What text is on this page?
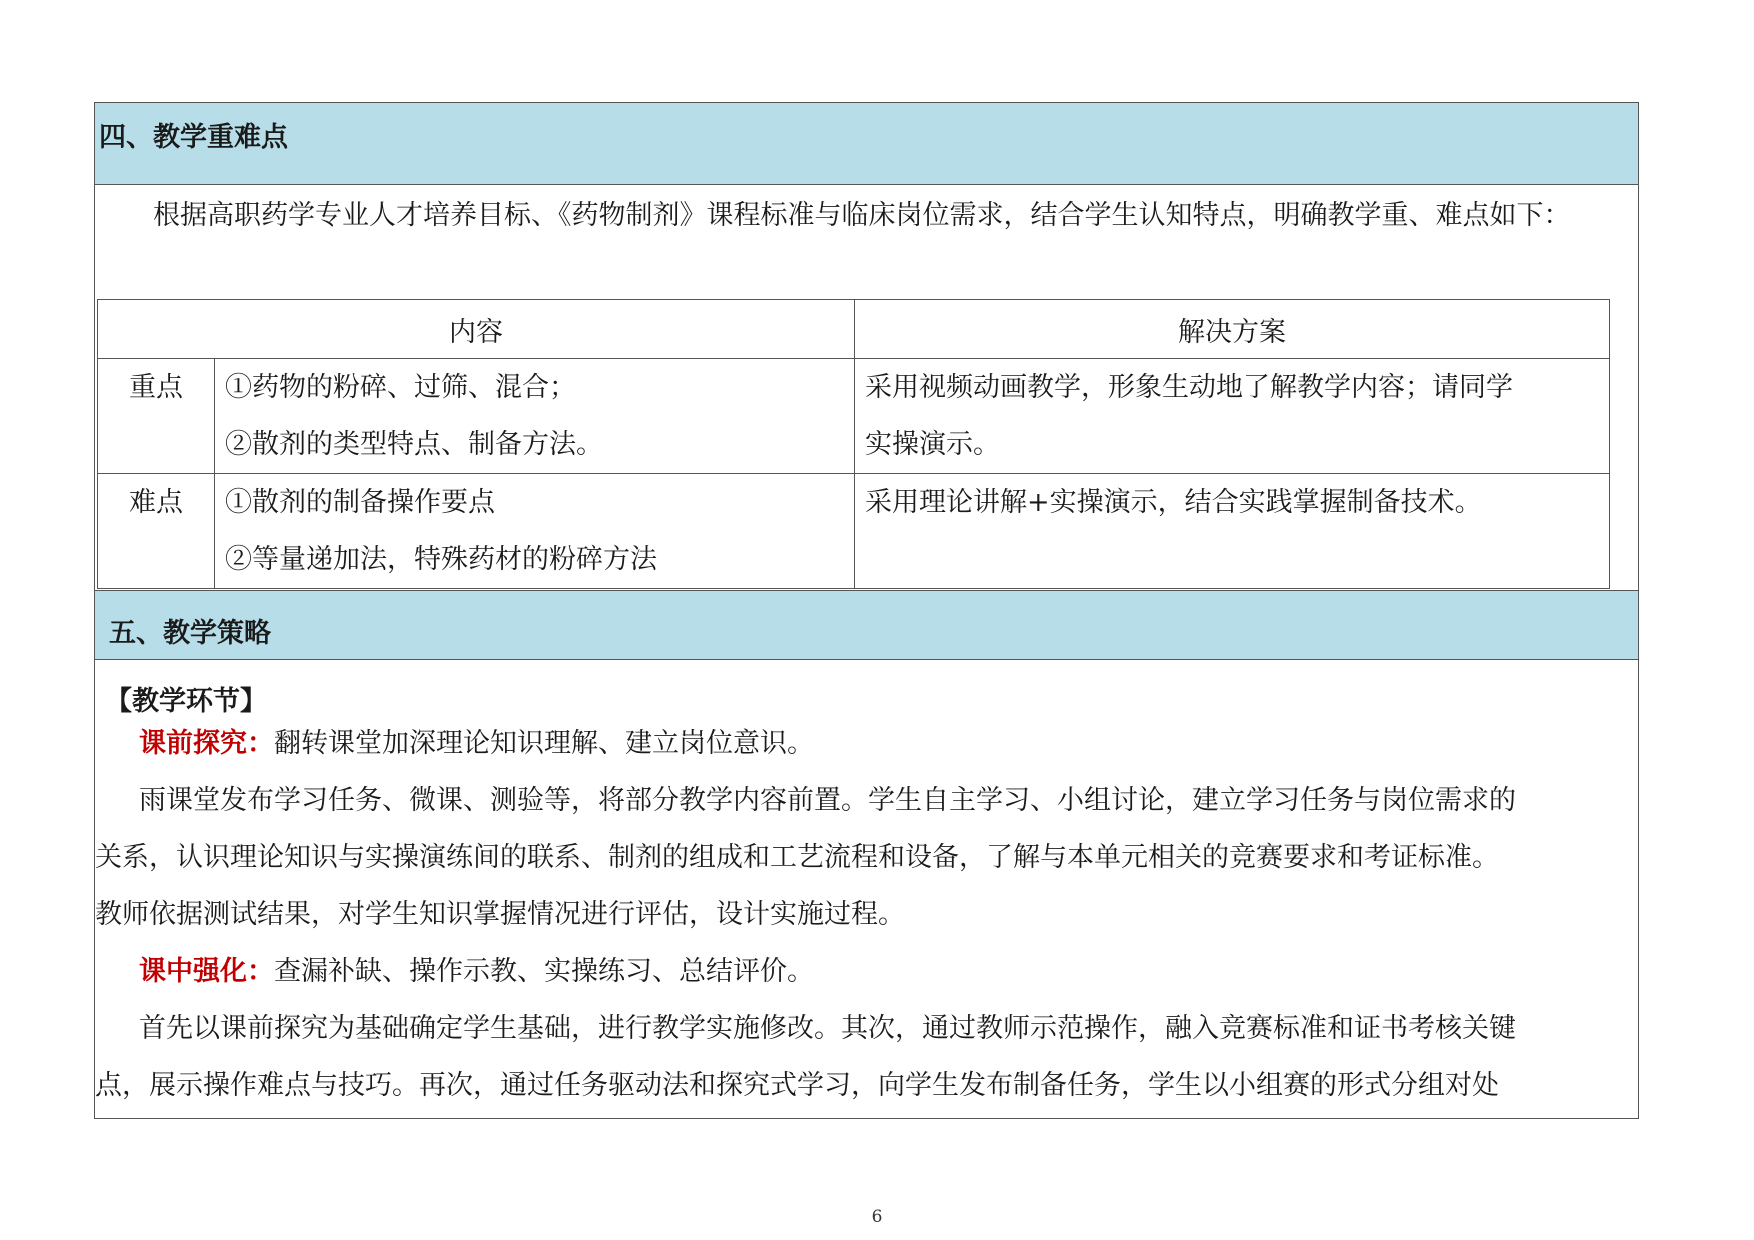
四、教学重难点

根据高职药学专业人才培养目标、《药物制剂》课程标准与临床岗位需求，结合学生认知特点，明确教学重、难点如下：

内容		解决方案

重点	①药物的粉碎、过筛、混合；
②散剂的类型特点、制备方法。	采用视频动画教学，形象生动地了解教学内容；请同学
实操演示。

难点	①散剂的制备操作要点
②等量递加法，特殊药材的粉碎方法	采用理论讲解+实操演示，结合实践掌握制备技术。
五、教学策略
【教学环节】
课前探究：翻转课堂加深理论知识理解、建立岗位意识。
雨课堂发布学习任务、微课、测验等，将部分教学内容前置。学生自主学习、小组讨论，建立学习任务与岗位需求的
关系，认识理论知识与实操演练间的联系、制剂的组成和工艺流程和设备，了解与本单元相关的竞赛要求和考证标准。
教师依据测试结果，对学生知识掌握情况进行评估，设计实施过程。
课中强化：查漏补缺、操作示教、实操练习、总结评价。
首先以课前探究为基础确定学生基础，进行教学实施修改。其次，通过教师示范操作，融入竞赛标准和证书考核关键
点，展示操作难点与技巧。再次，通过任务驱动法和探究式学习，向学生发布制备任务，学生以小组赛的形式分组对处
6
